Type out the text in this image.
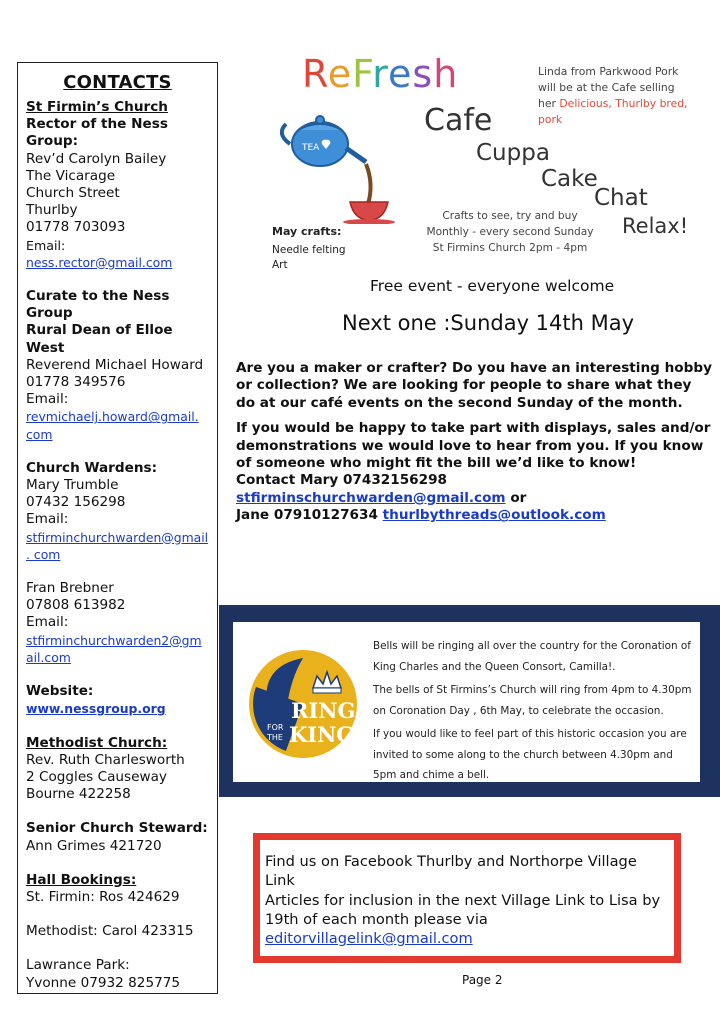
CONTACTS
St Firmin’s Church
Rector of the Ness Group:
Rev’d Carolyn Bailey
The Vicarage
Church Street
Thurlby
01778 703093
Email:
ness.rector@gmail.com
Curate to the Ness Group
Rural Dean of Elloe West
Reverend Michael Howard
01778 349576
Email:
revmichaelj.howard@gmail. com
Church Wardens:
Mary Trumble
07432 156298
Email:
stfirminchurchwarden@gmail . com
Fran Brebner
07808 613982
Email:
stfirminchurchwarden2@gmail.com
Website:
www.nessgroup.org
Methodist Church:
Rev. Ruth Charlesworth
2 Coggles Causeway
Bourne 422258
Senior Church Steward:
Ann Grimes 421720
Hall Bookings:
St. Firmin: Ros 424629
Methodist: Carol 423315
Lawrance Park:
Yvonne 07932 825775
ReFresh
Cafe
TEA	Cuppa
Cake
Chat
Relax!
Linda from Parkwood Pork
will be at the Cafe selling
her Delicious, Thurlby bred,
pork
Crafts to see, try and buy
Monthly - every second Sunday
St Firmins Church 2pm - 4pm
May crafts:
Needle felting
Art
Free event - everyone welcome
Next one :Sunday 14th May

Are you a maker or crafter? Do you have an interesting hobby or collection? We are looking for people to share what they do at our café events on the second Sunday of the month.

If you would be happy to take part with displays, sales and/or demonstrations we would love to hear from you. If you know of someone who might fit the bill we’d like to know!
Contact Mary 07432156298
stfirminschurchwarden@gmail.com or
Jane 07910127634 thurlbythreads@outlook.com

RING
FOR
THE KING

Bells will be ringing all over the country for the Coronation of King Charles and the Queen Consort, Camilla!.

The bells of St Firmins’s Church will ring from 4pm to 4.30pm on Coronation Day , 6th May, to celebrate the occasion.

If you would like to feel part of this historic occasion you are invited to some along to the church between 4.30pm and 5pm and chime a bell.

Find us on Facebook Thurlby and Northorpe Village Link
Articles for inclusion in the next Village Link to Lisa by 19th of each month please via
editorvillagelink@gmail.com
Page 2
